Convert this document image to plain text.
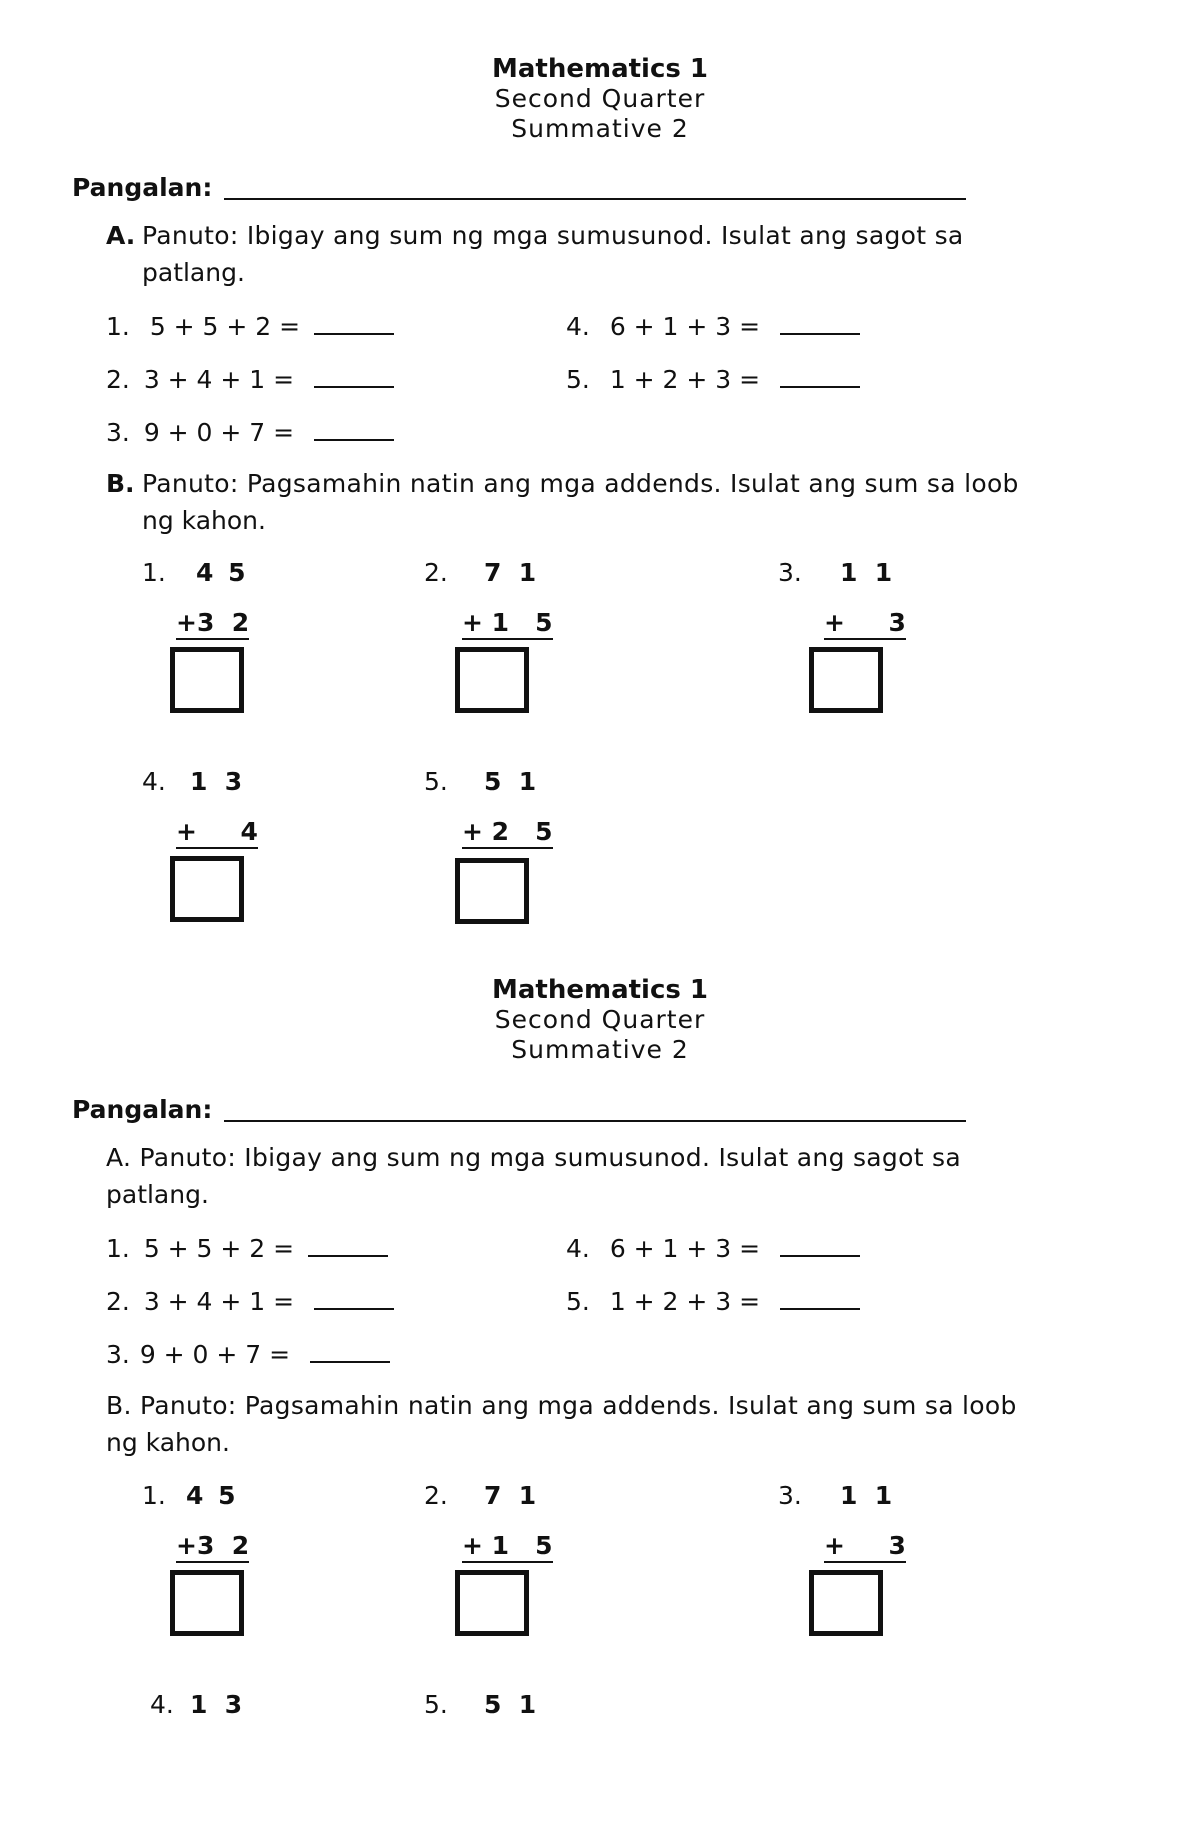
Mathematics 1
Second Quarter
Summative 2
Pangalan:
A. Panuto: Ibigay ang sum ng mga sumusunod. Isulat ang sagot sa
patlang.
1. 5 + 5 + 2 =
2. 3 + 4 + 1 =
3. 9 + 0 + 7 =
4. 6 + 1 + 3 =
5. 1 + 2 + 3 =
B. Panuto: Pagsamahin natin ang mga addends. Isulat ang sum sa loob
ng kahon.
1. 4 5
+3  2
2. 7  1
+ 1   5
3. 1  1
+     3
4. 1  3
+     4
5. 5  1
+ 2   5
Mathematics 1
Second Quarter
Summative 2
Pangalan:
A. Panuto: Ibigay ang sum ng mga sumusunod. Isulat ang sagot sa
patlang.
1. 5 + 5 + 2 =
2. 3 + 4 + 1 =
3. 9 + 0 + 7 =
4. 6 + 1 + 3 =
5. 1 + 2 + 3 =
B. Panuto: Pagsamahin natin ang mga addends. Isulat ang sum sa loob
ng kahon.
1. 4 5
+3  2
2. 7  1
+ 1   5
3. 1  1
+     3
4. 1  3	5. 5  1
